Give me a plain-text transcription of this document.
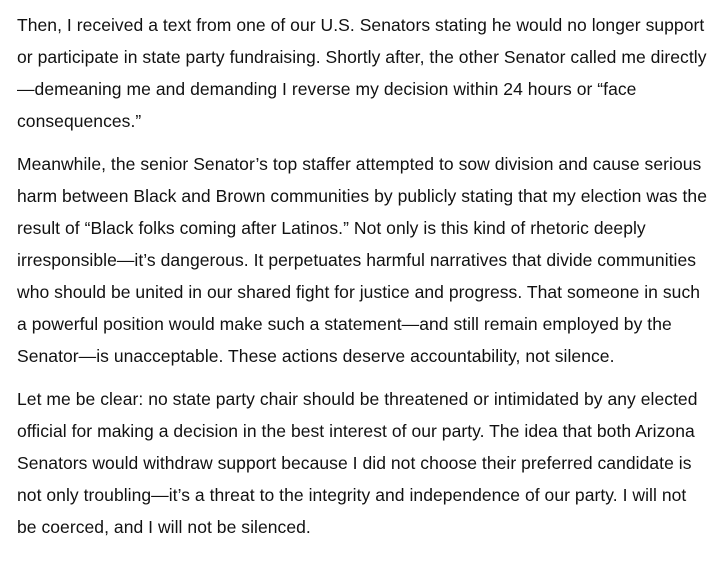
Then, I received a text from one of our U.S. Senators stating he would no longer support or participate in state party fundraising. Shortly after, the other Senator called me directly—demeaning me and demanding I reverse my decision within 24 hours or “face consequences.”

Meanwhile, the senior Senator’s top staffer attempted to sow division and cause serious harm between Black and Brown communities by publicly stating that my election was the result of “Black folks coming after Latinos.” Not only is this kind of rhetoric deeply irresponsible—it’s dangerous. It perpetuates harmful narratives that divide communities who should be united in our shared fight for justice and progress. That someone in such a powerful position would make such a statement—and still remain employed by the Senator—is unacceptable. These actions deserve accountability, not silence.

Let me be clear: no state party chair should be threatened or intimidated by any elected official for making a decision in the best interest of our party. The idea that both Arizona Senators would withdraw support because I did not choose their preferred candidate is not only troubling—it’s a threat to the integrity and independence of our party. I will not be coerced, and I will not be silenced.
